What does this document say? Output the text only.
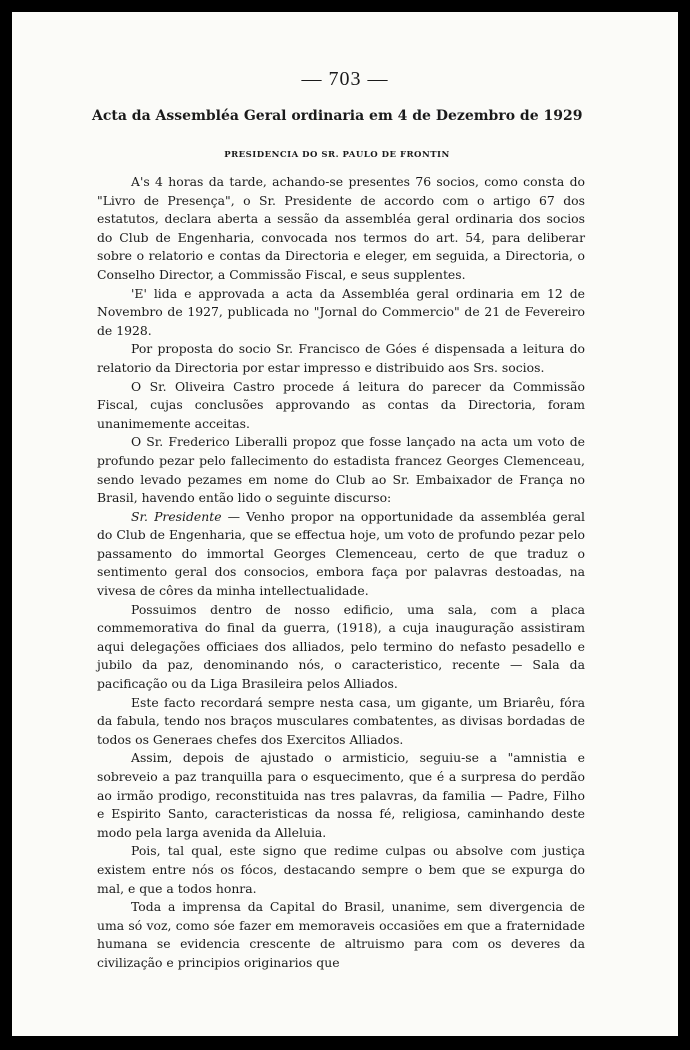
— 703 —
Acta da Assembléa Geral ordinaria em 4 de Dezembro de 1929
PRESIDENCIA DO SR. PAULO DE FRONTIN

A's 4 horas da tarde, achando-se presentes 76 socios, como consta do "Livro de Presença", o Sr. Presidente de accordo com o artigo 67 dos estatutos, declara aberta a sessão da assembléa geral ordinaria dos socios do Club de Engenharia, convocada nos termos do art. 54, para deliberar sobre o relatorio e contas da Directoria e eleger, em seguida, a Directoria, o Conselho Director, a Commissão Fiscal, e seus supplentes.

'E' lida e approvada a acta da Assembléa geral ordinaria em 12 de Novembro de 1927, publicada no "Jornal do Commercio" de 21 de Fevereiro de 1928.

Por proposta do socio Sr. Francisco de Góes é dispensada a leitura do relatorio da Directoria por estar impresso e distribuido aos Srs. socios.

O Sr. Oliveira Castro procede á leitura do parecer da Commissão Fiscal, cujas conclusões approvando as contas da Directoria, foram unanimemente acceitas.

O Sr. Frederico Liberalli propoz que fosse lançado na acta um voto de profundo pezar pelo fallecimento do estadista francez Georges Clemenceau, sendo levado pezames em nome do Club ao Sr. Embaixador de França no Brasil, havendo então lido o seguinte discurso:

Sr. Presidente — Venho propor na opportunidade da assembléa geral do Club de Engenharia, que se effectua hoje, um voto de profundo pezar pelo passamento do immortal Georges Clemenceau, certo de que traduz o sentimento geral dos consocios, embora faça por palavras destoadas, na vivesa de côres da minha intellectualidade.

Possuimos dentro de nosso edificio, uma sala, com a placa commemorativa do final da guerra, (1918), a cuja inauguração assistiram aqui delegações officiaes dos alliados, pelo termino do nefasto pesadello e jubilo da paz, denominando nós, o caracteristico, recente — Sala da pacificação ou da Liga Brasileira pelos Alliados.

Este facto recordará sempre nesta casa, um gigante, um Briarêu, fóra da fabula, tendo nos braços musculares combatentes, as divisas bordadas de todos os Generaes chefes dos Exercitos Alliados.

Assim, depois de ajustado o armisticio, seguiu-se a "amnistia e sobreveio a paz tranquilla para o esquecimento, que é a surpresa do perdão ao irmão prodigo, reconstituida nas tres palavras, da familia — Padre, Filho e Espirito Santo, caracteristicas da nossa fé, religiosa, caminhando deste modo pela larga avenida da Alleluia.

Pois, tal qual, este signo que redime culpas ou absolve com justiça existem entre nós os fócos, destacando sempre o bem que se expurga do mal, e que a todos honra.

Toda a imprensa da Capital do Brasil, unanime, sem divergencia de uma só voz, como sóe fazer em memoraveis occasiões em que a fraternidade humana se evidencia crescente de altruismo para com os deveres da civilização e principios originarios que
